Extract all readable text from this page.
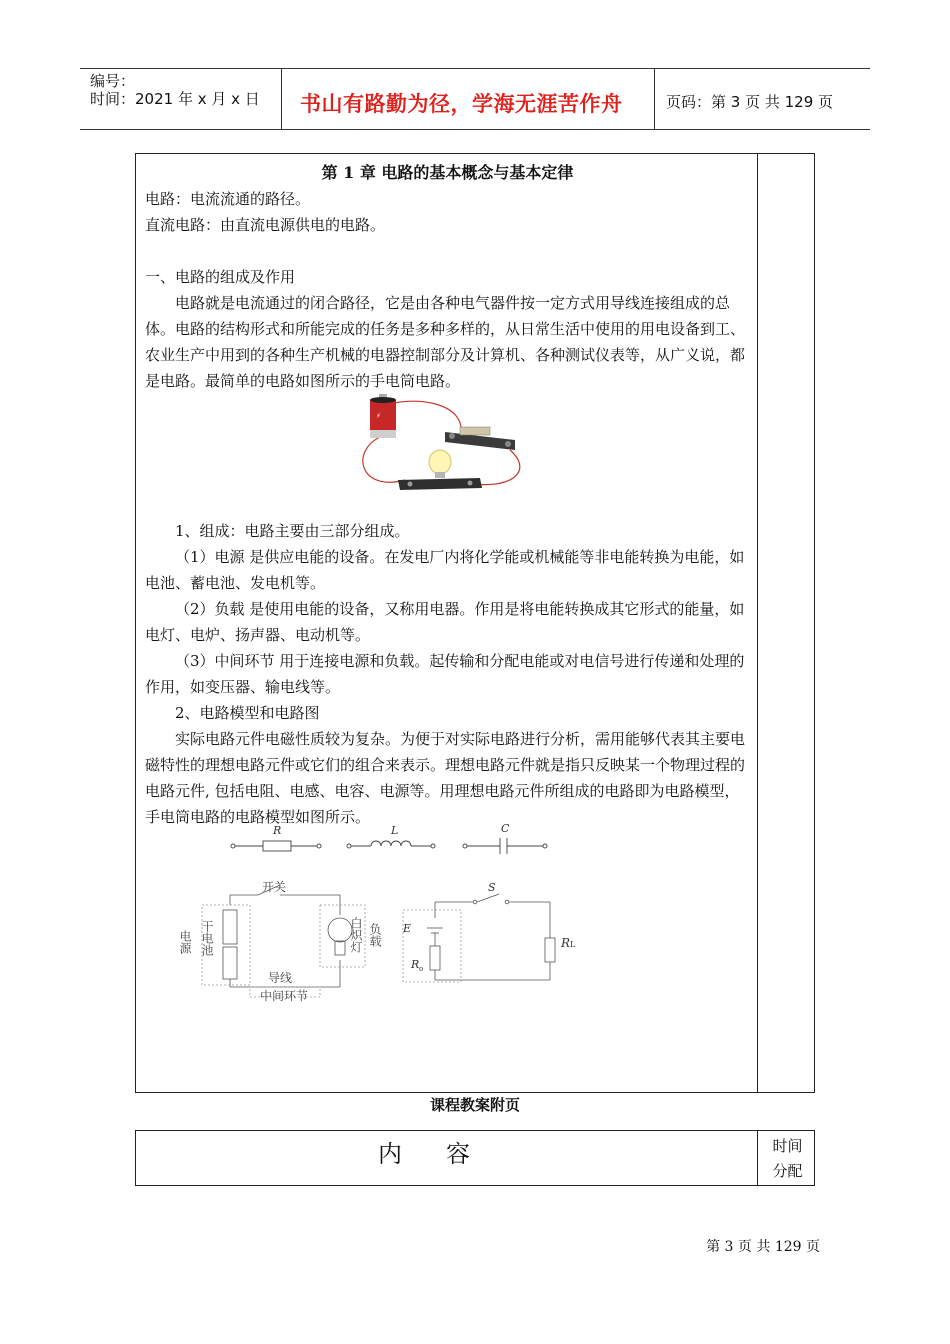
编号：
时间：2021 年 x 月 x 日 书山有路勤为径，学海无涯苦作舟	页码：第 3 页 共 129 页

第 1 章 电路的基本概念与基本定律

电路：电流流通的路径。

直流电路：由直流电源供电的电路。

一、电路的组成及作用

电路就是电流通过的闭合路径，它是由各种电气器件按一定方式用导线连接组成的总体。电路的结构形式和所能完成的任务是多种多样的，从日常生活中使用的用电设备到工、农业生产中用到的各种生产机械的电器控制部分及计算机、各种测试仪表等，从广义说，都是电路。最简单的电路如图所示的手电筒电路。

⚡

1、组成：电路主要由三部分组成。

（1）电源 是供应电能的设备。在发电厂内将化学能或机械能等非电能转换为电能，如电池、蓄电池、发电机等。

（2）负载 是使用电能的设备，又称用电器。作用是将电能转换成其它形式的能量，如电灯、电炉、扬声器、电动机等。

（3）中间环节 用于连接电源和负载。起传输和分配电能或对电信号进行传递和处理的作用，如变压器、输电线等。

2、电路模型和电路图

实际电路元件电磁性质较为复杂。为便于对实际电路进行分析，需用能够代表其主要电磁特性的理想电路元件或它们的组合来表示。理想电路元件就是指只反映某一个物理过程的电路元件, 包括电阻、电感、电容、电源等。用理想电路元件所组成的电路即为电路模型，手电筒电路的电路模型如图所示。

R	L	C
开关
电源 干电池	白炽灯 负载
导线
中间环节
S
E
R o
RL
课程教案附页
内容	时间
分配
第 3 页 共 129 页
